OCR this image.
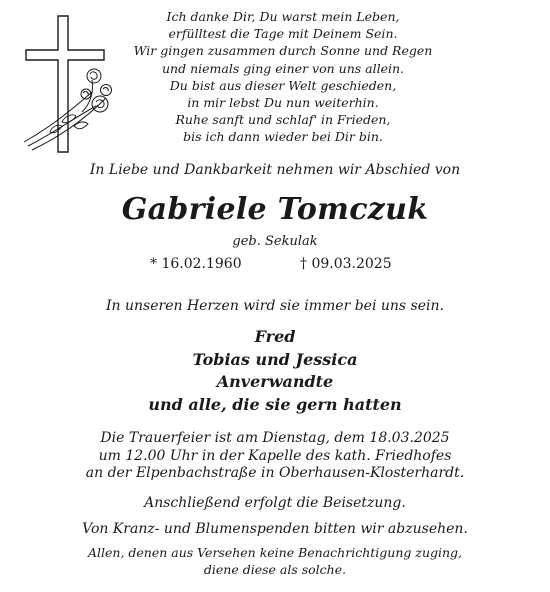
Ich danke Dir, Du warst mein Leben,
erfülltest die Tage mit Deinem Sein.
Wir gingen zusammen durch Sonne und Regen
und niemals ging einer von uns allein.
Du bist aus dieser Welt geschieden,
in mir lebst Du nun weiterhin.
Ruhe sanft und schlaf' in Frieden,
bis ich dann wieder bei Dir bin.
In Liebe und Dankbarkeit nehmen wir Abschied von
Gabriele Tomczuk
geb. Sekulak
* 16.02.1960	† 09.03.2025
In unseren Herzen wird sie immer bei uns sein.
Fred
Tobias und Jessica
Anverwandte
und alle, die sie gern hatten
Die Trauerfeier ist am Dienstag, dem 18.03.2025
um 12.00 Uhr in der Kapelle des kath. Friedhofes
an der Elpenbachstraße in Oberhausen-Klosterhardt.
Anschließend erfolgt die Beisetzung.
Von Kranz- und Blumenspenden bitten wir abzusehen.
Allen, denen aus Versehen keine Benachrichtigung zuging,
diene diese als solche.
